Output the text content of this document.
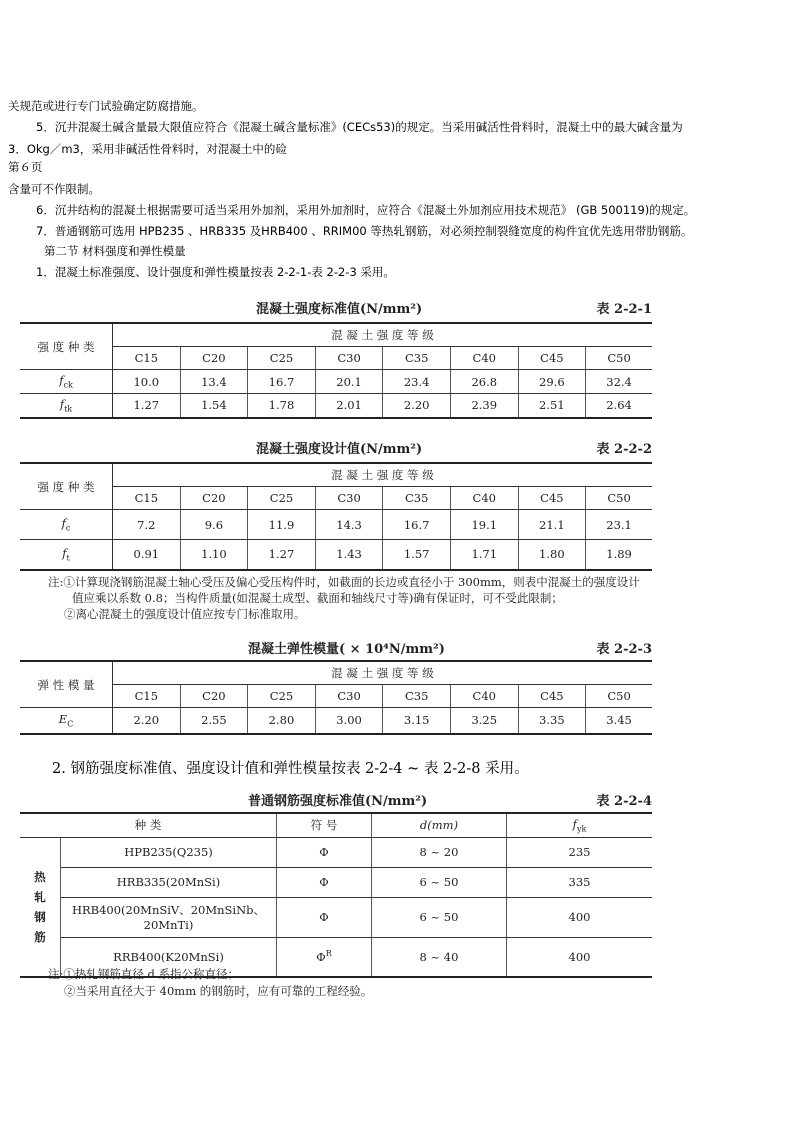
关规范或进行专门试验确定防腐措施。
5．沉井混凝土碱含量最大限值应符合《混凝土碱含量标准》(CECs53)的规定。当采用碱活性骨料时，混凝土中的最大碱含量为
3．Okg／m3，采用非碱活性骨料时，对混凝土中的硷
第６页
含量可不作限制。
6．沉井结构的混凝土根据需要可适当采用外加剂，采用外加剂时，应符合《混凝土外加剂应用技术规范》 (GB 500119)的规定。
7．普通钢筋可选用 HPB235 、HRB335 及HRB400 、RRIM00 等热轧钢筋，对必须控制裂缝宽度的构件宜优先选用带肋钢筋。
第二节 材料强度和弹性模量
1．混凝土标准强度、设计强度和弹性模量按表 2-2-1-表 2-2-3 采用。
混凝土强度标准值(N/mm²)	表 2-2-1
强 度 种 类	混 凝 土 强 度 等 级							
	C15	C20	C25	C30	C35	C40	C45	C50
$f_{ck}$	10.0	13.4	16.7	20.1	23.4	26.8	29.6	32.4
$f_{tk}$	1.27	1.54	1.78	2.01	2.20	2.39	2.51	2.64
混凝土强度设计值(N/mm²)	表 2-2-2
强 度 种 类	混 凝 土 强 度 等 级							
	C15	C20	C25	C30	C35	C40	C45	C50
$f_c$	7.2	9.6	11.9	14.3	16.7	19.1	21.1	23.1
$f_t$	0.91	1.10	1.27	1.43	1.57	1.71	1.80	1.89
注:①计算现浇钢筋混凝土轴心受压及偏心受压构件时，如截面的长边或直径小于 300mm，则表中混凝土的强度设计
值应乘以系数 0.8；当构件质量(如混凝土成型、截面和轴线尺寸等)确有保证时，可不受此限制；
②离心混凝土的强度设计值应按专门标准取用。
混凝土弹性模量( × 10⁴N/mm²)	表 2-2-3
弹 性 模 量	混 凝 土 强 度 等 级							
	C15	C20	C25	C30	C35	C40	C45	C50
$E_C$	2.20	2.55	2.80	3.00	3.15	3.25	3.35	3.45
2. 钢筋强度标准值、强度设计值和弹性模量按表 2-2-4 ~ 表 2-2-8 采用。
普通钢筋强度标准值(N/mm²)	表 2-2-4
种 类		符 号	d(mm)	$f_{yk}$

热
轧
钢
筋	HPB235(Q235)	Φ	8 ~ 20	235
	HRB335(20MnSi)	Φ	6 ~ 50	335
	HRB400(20MnSiV、20MnSiNb、20MnTi)	Φ	6 ~ 50	400
	RRB400(K20MnSi)	$\Phi^R$	8 ~ 40	400
注:①热轧钢筋直径 d 系指公称直径；
②当采用直径大于 40mm 的钢筋时，应有可靠的工程经验。
